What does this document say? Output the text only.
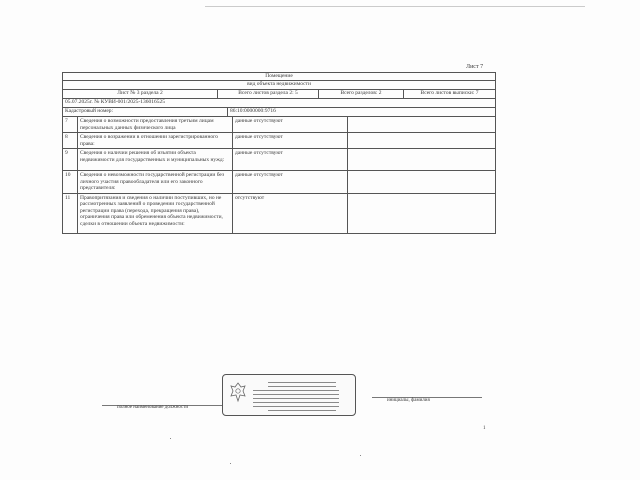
Лист 7
Помещение
вид объекта недвижимости
Лист № 3 раздела 2	Всего листов раздела 2: 5	Всего разделов: 2	Всего листов выписки: 7
05.07.2025г. № КУВИ-001/2025-136016525
Кадастровый номер:	86:10:0000000:9716
7	Сведения о возможности предоставления третьим лицам персональных данных физического лица	данные отсутствуют	
8	Сведения о возражении в отношении зарегистрированного права:	данные отсутствуют	
9	Сведения о наличии решения об изъятии объекта недвижимости для государственных и муниципальных нужд:	данные отсутствуют	
10	Сведения о невозможности государственной регистрации без личного участия правообладателя или его законного представителя:	данные отсутствуют	
11	Правопритязания и сведения о наличии поступивших, но не рассмотренных заявлений о проведении государственной регистрации права (перехода, прекращения права), ограничения права или обременения объекта недвижимости, сделки в отношении объекта недвижимости:	отсутствуют	
полное наименование должности
инициалы, фамилия
1
